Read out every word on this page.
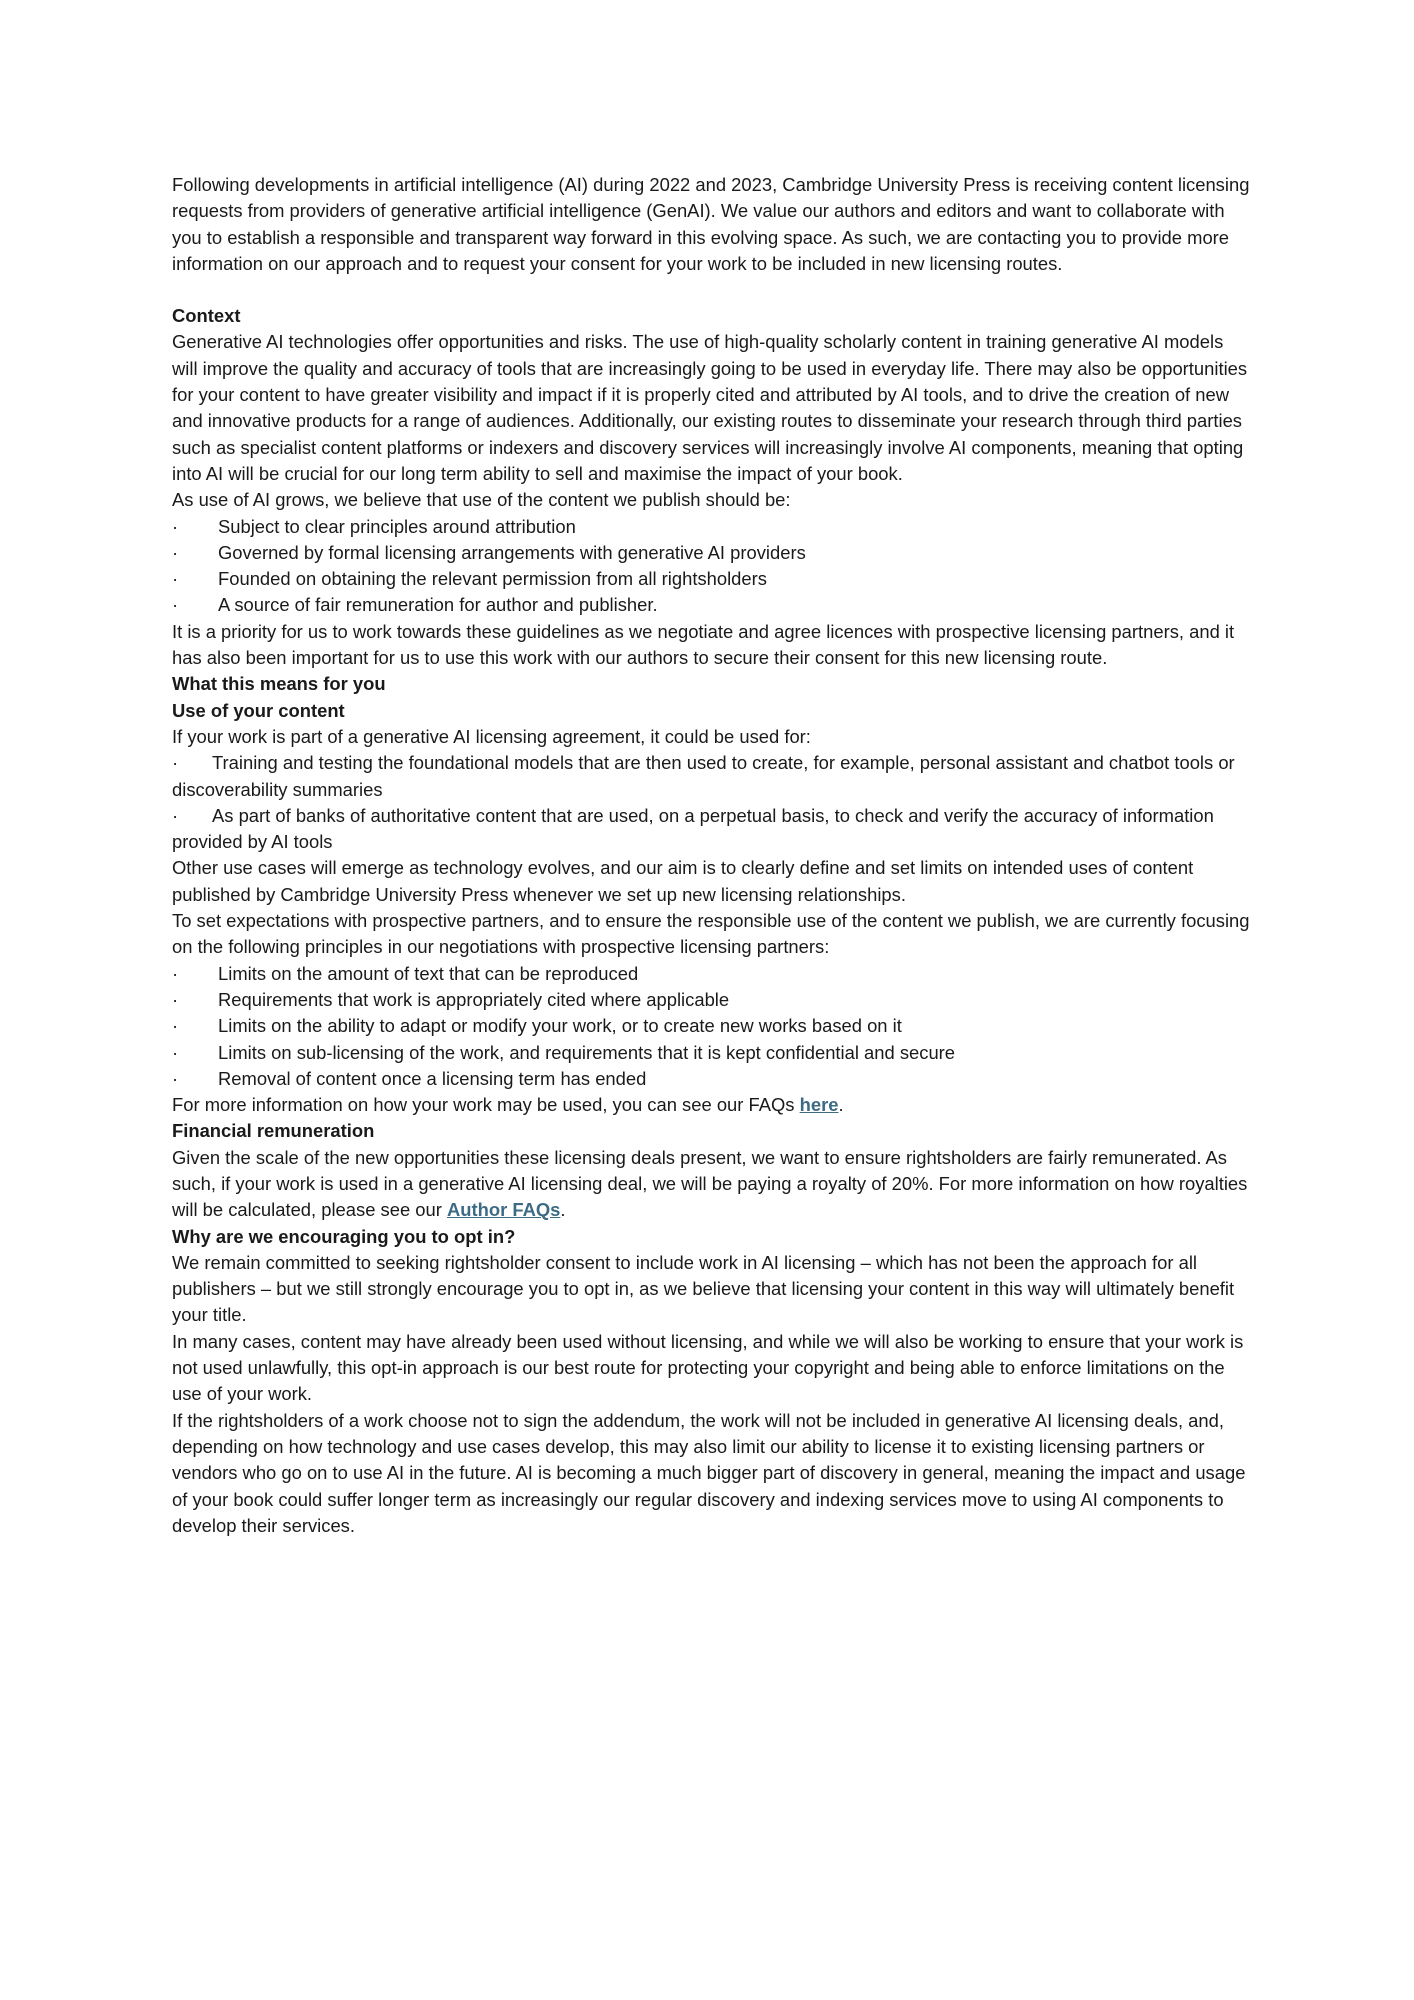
Following developments in artificial intelligence (AI) during 2022 and 2023, Cambridge University Press is receiving content licensing requests from providers of generative artificial intelligence (GenAI). We value our authors and editors and want to collaborate with you to establish a responsible and transparent way forward in this evolving space. As such, we are contacting you to provide more information on our approach and to request your consent for your work to be included in new licensing routes.

Context

Generative AI technologies offer opportunities and risks. The use of high-quality scholarly content in training generative AI models will improve the quality and accuracy of tools that are increasingly going to be used in everyday life. There may also be opportunities for your content to have greater visibility and impact if it is properly cited and attributed by AI tools, and to drive the creation of new and innovative products for a range of audiences. Additionally, our existing routes to disseminate your research through third parties such as specialist content platforms or indexers and discovery services will increasingly involve AI components, meaning that opting into AI will be crucial for our long term ability to sell and maximise the impact of your book.

As use of AI grows, we believe that use of the content we publish should be:

·	Subject to clear principles around attribution
·	Governed by formal licensing arrangements with generative AI providers
·	Founded on obtaining the relevant permission from all rightsholders
·	A source of fair remuneration for author and publisher.

It is a priority for us to work towards these guidelines as we negotiate and agree licences with prospective licensing partners, and it has also been important for us to use this work with our authors to secure their consent for this new licensing route.

What this means for you

Use of your content

If your work is part of a generative AI licensing agreement, it could be used for:

· Training and testing the foundational models that are then used to create, for example, personal assistant and chatbot tools or discoverability summaries

· As part of banks of authoritative content that are used, on a perpetual basis, to check and verify the accuracy of information provided by AI tools

Other use cases will emerge as technology evolves, and our aim is to clearly define and set limits on intended uses of content published by Cambridge University Press whenever we set up new licensing relationships.

To set expectations with prospective partners, and to ensure the responsible use of the content we publish, we are currently focusing on the following principles in our negotiations with prospective licensing partners:

·	Limits on the amount of text that can be reproduced
·	Requirements that work is appropriately cited where applicable
·	Limits on the ability to adapt or modify your work, or to create new works based on it
·	Limits on sub-licensing of the work, and requirements that it is kept confidential and secure
·	Removal of content once a licensing term has ended

For more information on how your work may be used, you can see our FAQs here.

Financial remuneration

Given the scale of the new opportunities these licensing deals present, we want to ensure rightsholders are fairly remunerated. As such, if your work is used in a generative AI licensing deal, we will be paying a royalty of 20%. For more information on how royalties will be calculated, please see our Author FAQs.

Why are we encouraging you to opt in?

We remain committed to seeking rightsholder consent to include work in AI licensing – which has not been the approach for all publishers – but we still strongly encourage you to opt in, as we believe that licensing your content in this way will ultimately benefit your title.

In many cases, content may have already been used without licensing, and while we will also be working to ensure that your work is not used unlawfully, this opt-in approach is our best route for protecting your copyright and being able to enforce limitations on the use of your work.

If the rightsholders of a work choose not to sign the addendum, the work will not be included in generative AI licensing deals, and, depending on how technology and use cases develop, this may also limit our ability to license it to existing licensing partners or vendors who go on to use AI in the future. AI is becoming a much bigger part of discovery in general, meaning the impact and usage of your book could suffer longer term as increasingly our regular discovery and indexing services move to using AI components to develop their services.
